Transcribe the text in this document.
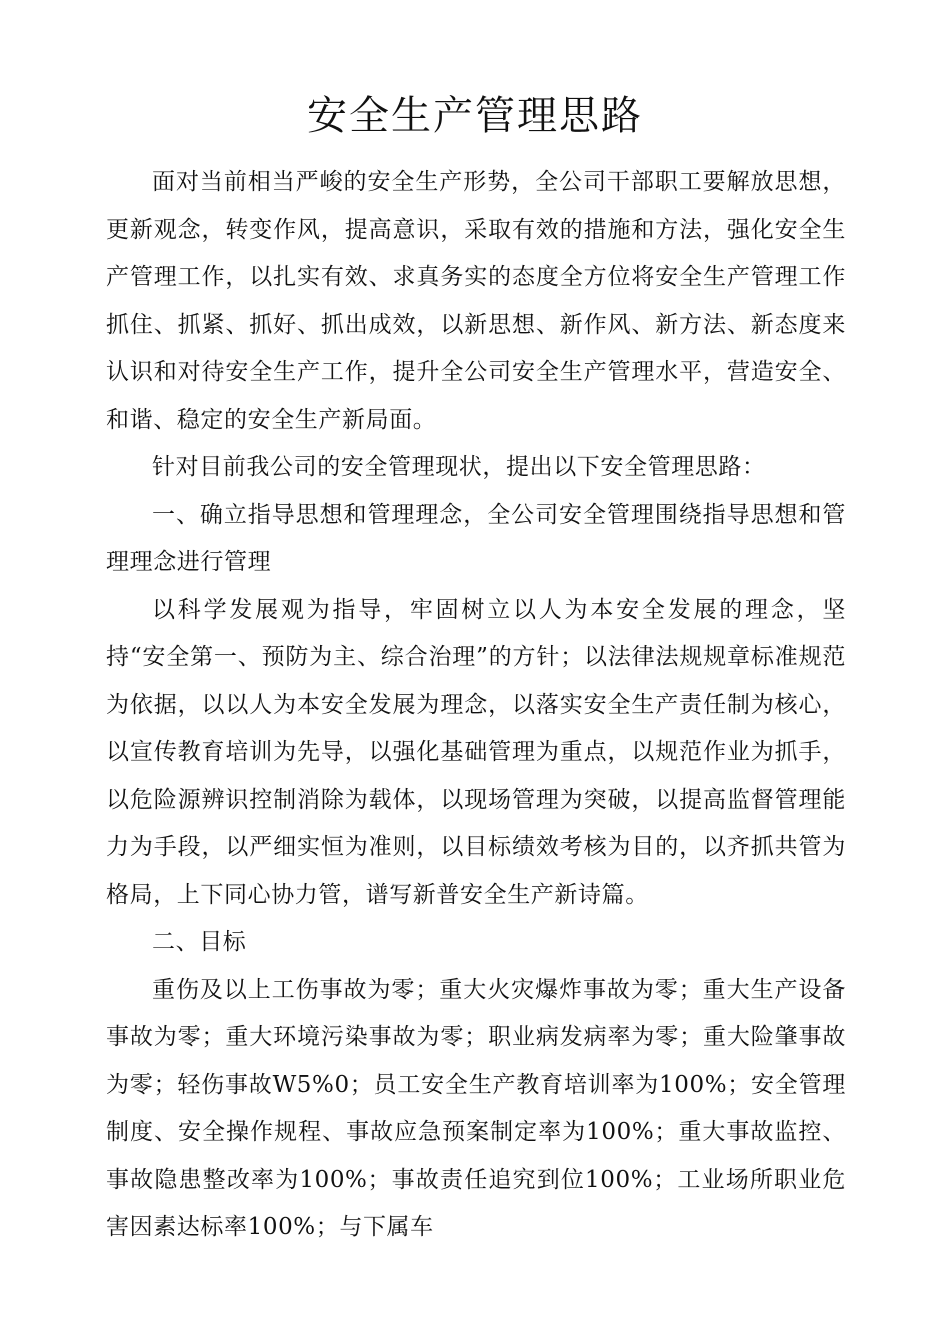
安全生产管理思路

面对当前相当严峻的安全生产形势，全公司干部职工要解放思想，更新观念，转变作风，提高意识，采取有效的措施和方法，强化安全生产管理工作，以扎实有效、求真务实的态度全方位将安全生产管理工作抓住、抓紧、抓好、抓出成效，以新思想、新作风、新方法、新态度来认识和对待安全生产工作，提升全公司安全生产管理水平，营造安全、和谐、稳定的安全生产新局面。

针对目前我公司的安全管理现状，提出以下安全管理思路：

一、确立指导思想和管理理念，全公司安全管理围绕指导思想和管理理念进行管理

以科学发展观为指导，牢固树立以人为本安全发展的理念，坚持“安全第一、预防为主、综合治理”的方针；以法律法规规章标准规范为依据，以以人为本安全发展为理念，以落实安全生产责任制为核心，以宣传教育培训为先导，以强化基础管理为重点，以规范作业为抓手，以危险源辨识控制消除为载体，以现场管理为突破，以提高监督管理能力为手段，以严细实恒为准则，以目标绩效考核为目的，以齐抓共管为格局，上下同心协力管，谱写新普安全生产新诗篇。

二、目标

重伤及以上工伤事故为零；重大火灾爆炸事故为零；重大生产设备事故为零；重大环境污染事故为零；职业病发病率为零；重大险肇事故为零；轻伤事故W5%0；员工安全生产教育培训率为100%；安全管理制度、安全操作规程、事故应急预案制定率为100%；重大事故监控、事故隐患整改率为100%；事故责任追究到位100%；工业场所职业危害因素达标率100%；与下属车
